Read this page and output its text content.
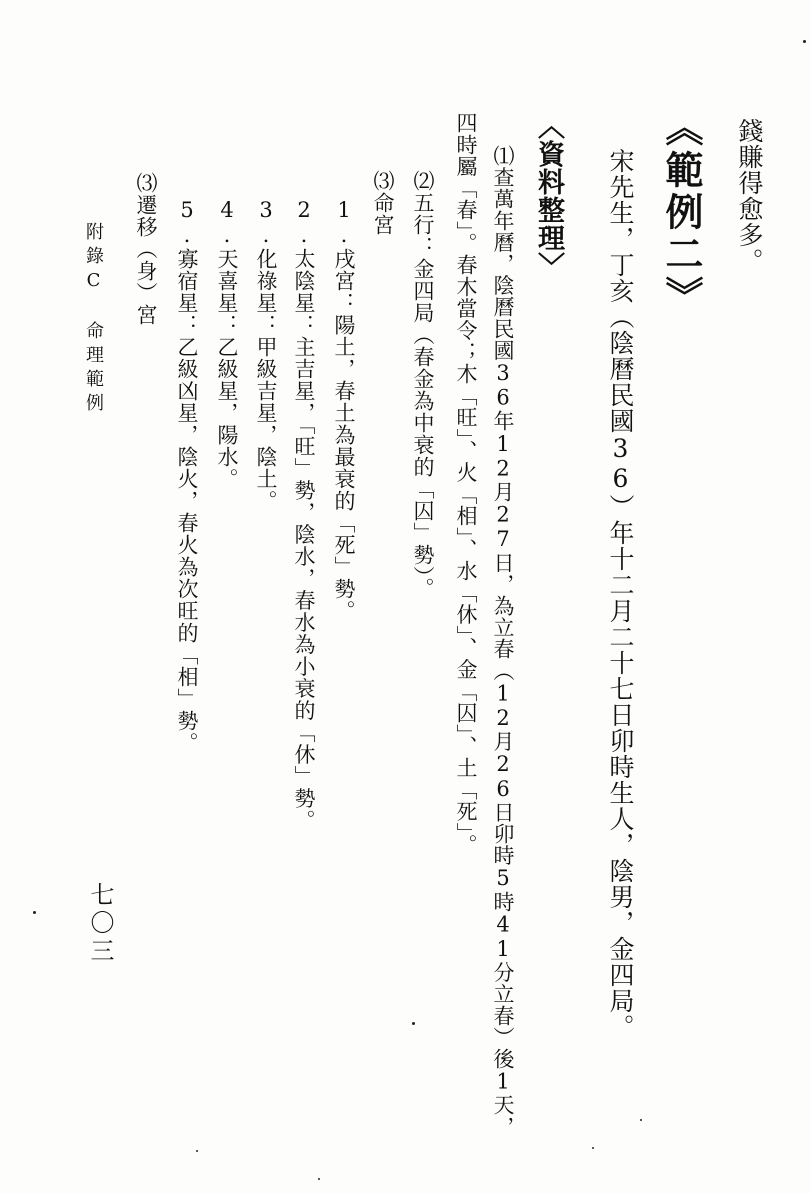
錢賺得愈多。
《範例二》
宋先生，丁亥（陰曆民國36）年十二月二十七日卯時生人，陰男，金四局。
〈資料整理〉
⑴查萬年曆，陰曆民國36年12月27日，為立春（12月26日卯時5時41分立春）後1天，
四時屬「春」。春木當令；木「旺」、火「相」、水「休」、金「囚」、土「死」。
⑵五行：金四局（春金為中衰的「囚」勢）。
⑶命宮
1.戌宮：陽土，春土為最衰的「死」勢。
2.太陰星：主吉星，「旺」勢，陰水，春水為小衰的「休」勢。
3.化祿星：甲級吉星，陰土。
4.天喜星：乙級星，陽水。
5.寡宿星：乙級凶星，陰火，春火為次旺的「相」勢。
⑶遷移（身）宮
附錄C　命理範例
七〇三
